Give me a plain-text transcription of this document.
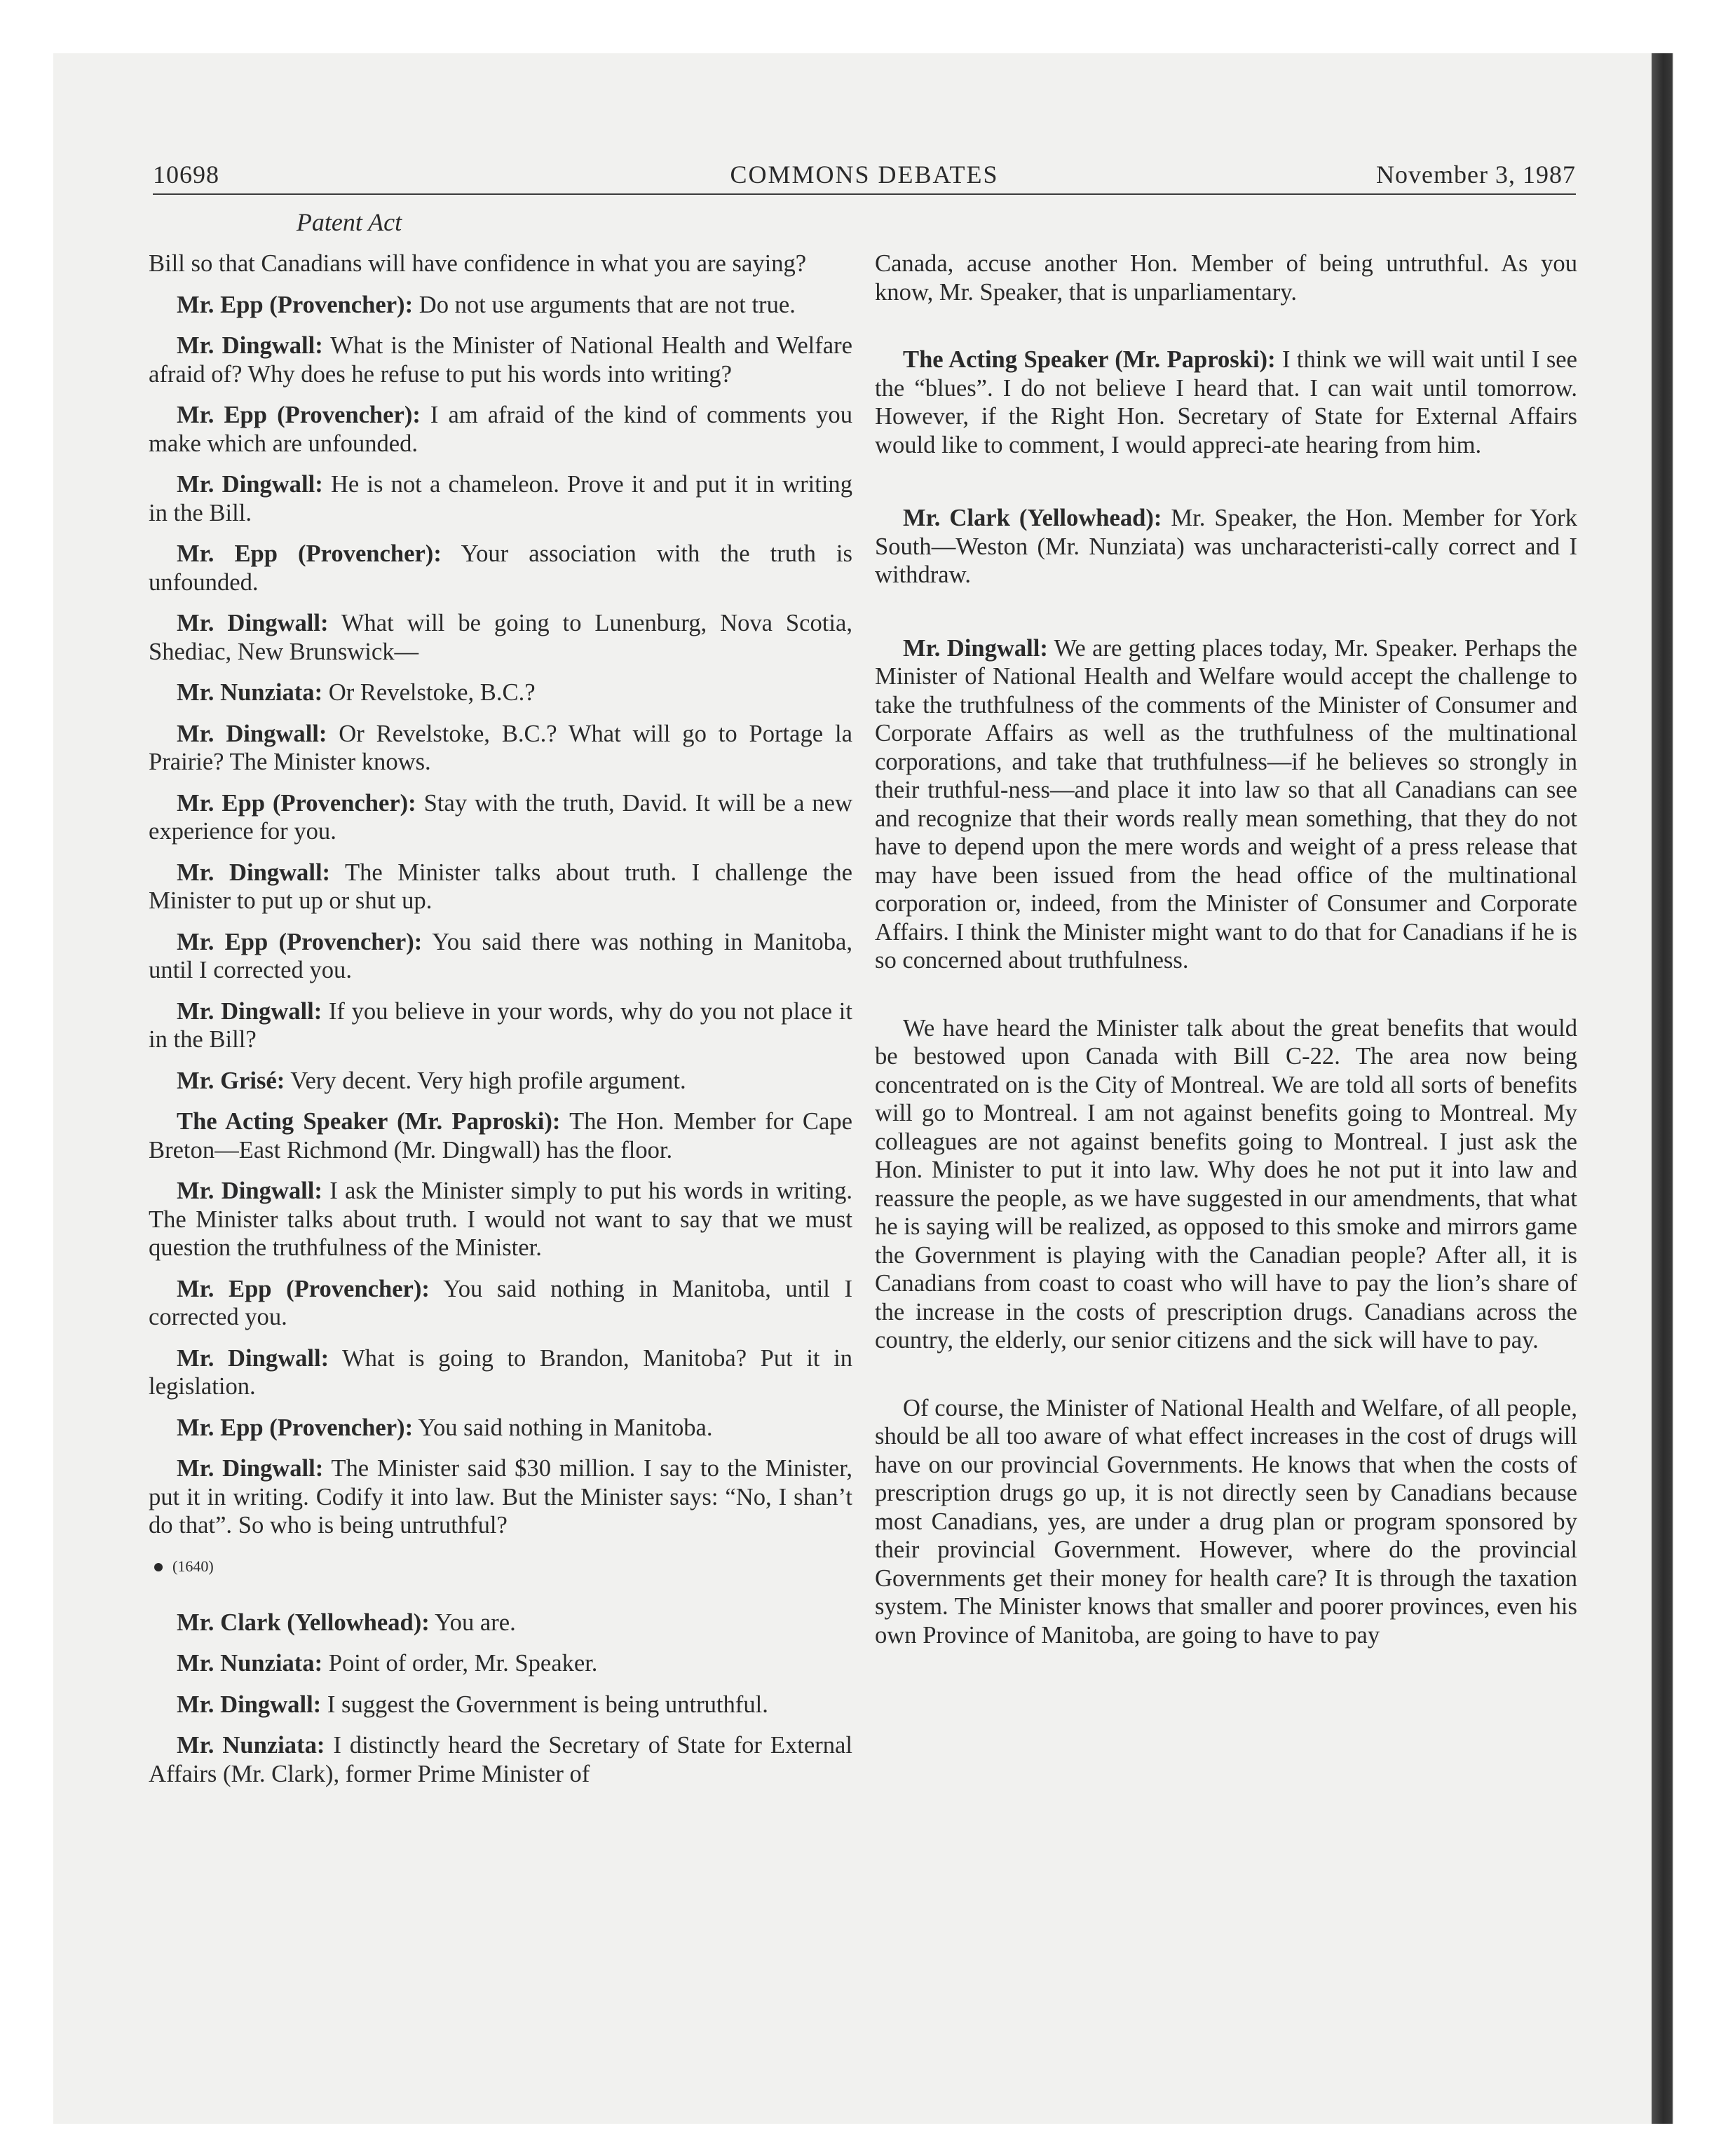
10698	COMMONS DEBATES	November 3, 1987
Patent Act

Bill so that Canadians will have confidence in what you are saying?

Mr. Epp (Provencher): Do not use arguments that are not true.

Mr. Dingwall: What is the Minister of National Health and Welfare afraid of? Why does he refuse to put his words into writing?

Mr. Epp (Provencher): I am afraid of the kind of comments you make which are unfounded.

Mr. Dingwall: He is not a chameleon. Prove it and put it in writing in the Bill.

Mr. Epp (Provencher): Your association with the truth is unfounded.

Mr. Dingwall: What will be going to Lunenburg, Nova Scotia, Shediac, New Brunswick—

Mr. Nunziata: Or Revelstoke, B.C.?

Mr. Dingwall: Or Revelstoke, B.C.? What will go to Portage la Prairie? The Minister knows.

Mr. Epp (Provencher): Stay with the truth, David. It will be a new experience for you.

Mr. Dingwall: The Minister talks about truth. I challenge the Minister to put up or shut up.

Mr. Epp (Provencher): You said there was nothing in Manitoba, until I corrected you.

Mr. Dingwall: If you believe in your words, why do you not place it in the Bill?

Mr. Grisé: Very decent. Very high profile argument.

The Acting Speaker (Mr. Paproski): The Hon. Member for Cape Breton—East Richmond (Mr. Dingwall) has the floor.

Mr. Dingwall: I ask the Minister simply to put his words in writing. The Minister talks about truth. I would not want to say that we must question the truthfulness of the Minister.

Mr. Epp (Provencher): You said nothing in Manitoba, until I corrected you.

Mr. Dingwall: What is going to Brandon, Manitoba? Put it in legislation.

Mr. Epp (Provencher): You said nothing in Manitoba.

Mr. Dingwall: The Minister said $30 million. I say to the Minister, put it in writing. Codify it into law. But the Minister says: “No, I shan’t do that”. So who is being untruthful?

(1640)

Mr. Clark (Yellowhead): You are.

Mr. Nunziata: Point of order, Mr. Speaker.

Mr. Dingwall: I suggest the Government is being untruthful.

Mr. Nunziata: I distinctly heard the Secretary of State for External Affairs (Mr. Clark), former Prime Minister of

Canada, accuse another Hon. Member of being untruthful. As you know, Mr. Speaker, that is unparliamentary.

The Acting Speaker (Mr. Paproski): I think we will wait until I see the “blues”. I do not believe I heard that. I can wait until tomorrow. However, if the Right Hon. Secretary of State for External Affairs would like to comment, I would appreci-ate hearing from him.

Mr. Clark (Yellowhead): Mr. Speaker, the Hon. Member for York South—Weston (Mr. Nunziata) was uncharacteristi-cally correct and I withdraw.

Mr. Dingwall: We are getting places today, Mr. Speaker. Perhaps the Minister of National Health and Welfare would accept the challenge to take the truthfulness of the comments of the Minister of Consumer and Corporate Affairs as well as the truthfulness of the multinational corporations, and take that truthfulness—if he believes so strongly in their truthful-ness—and place it into law so that all Canadians can see and recognize that their words really mean something, that they do not have to depend upon the mere words and weight of a press release that may have been issued from the head office of the multinational corporation or, indeed, from the Minister of Consumer and Corporate Affairs. I think the Minister might want to do that for Canadians if he is so concerned about truthfulness.

We have heard the Minister talk about the great benefits that would be bestowed upon Canada with Bill C-22. The area now being concentrated on is the City of Montreal. We are told all sorts of benefits will go to Montreal. I am not against benefits going to Montreal. My colleagues are not against benefits going to Montreal. I just ask the Hon. Minister to put it into law. Why does he not put it into law and reassure the people, as we have suggested in our amendments, that what he is saying will be realized, as opposed to this smoke and mirrors game the Government is playing with the Canadian people? After all, it is Canadians from coast to coast who will have to pay the lion’s share of the increase in the costs of prescription drugs. Canadians across the country, the elderly, our senior citizens and the sick will have to pay.

Of course, the Minister of National Health and Welfare, of all people, should be all too aware of what effect increases in the cost of drugs will have on our provincial Governments. He knows that when the costs of prescription drugs go up, it is not directly seen by Canadians because most Canadians, yes, are under a drug plan or program sponsored by their provincial Government. However, where do the provincial Governments get their money for health care? It is through the taxation system. The Minister knows that smaller and poorer provinces, even his own Province of Manitoba, are going to have to pay
